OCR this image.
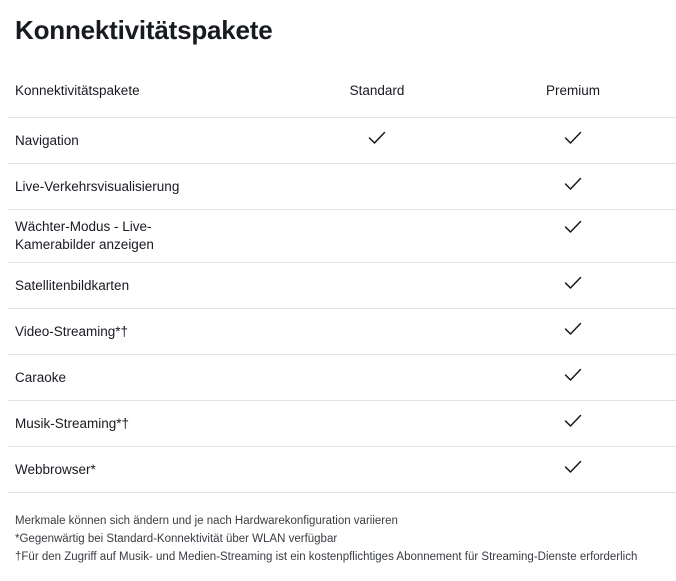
Konnektivitätspakete
Konnektivitätspakete	Standard	Premium
Navigation
Live-Verkehrsvisualisierung
Wächter-Modus - Live-Kamerabilder anzeigen
Satellitenbildkarten
Video-Streaming*†
Caraoke
Musik-Streaming*†
Webbrowser*
Merkmale können sich ändern und je nach Hardwarekonfiguration variieren
*Gegenwärtig bei Standard-Konnektivität über WLAN verfügbar
†Für den Zugriff auf Musik- und Medien-Streaming ist ein kostenpflichtiges Abonnement für Streaming-Dienste erforderlich
